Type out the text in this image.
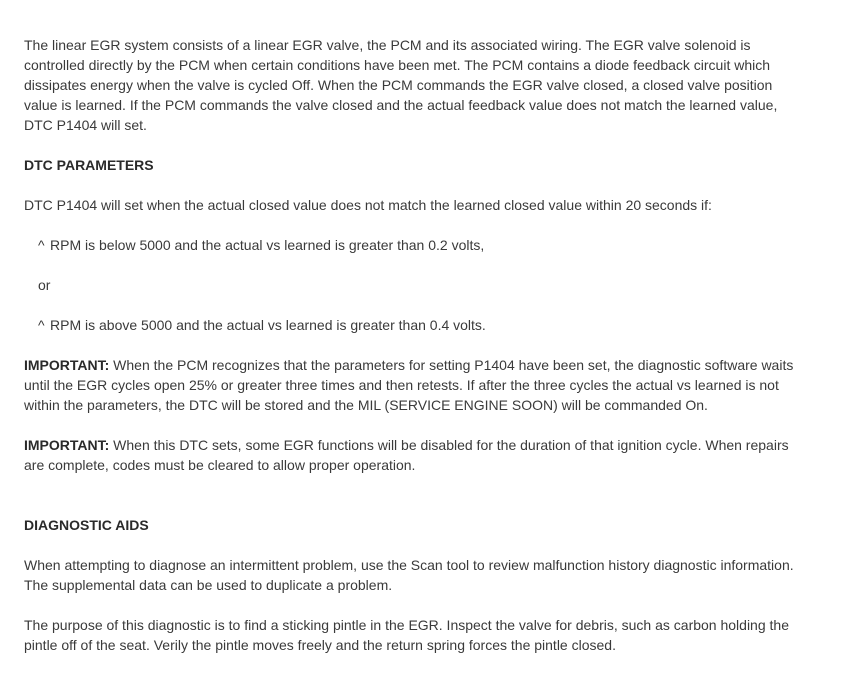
The linear EGR system consists of a linear EGR valve, the PCM and its associated wiring. The EGR valve solenoid is controlled directly by the PCM when certain conditions have been met. The PCM contains a diode feedback circuit which dissipates energy when the valve is cycled Off. When the PCM commands the EGR valve closed, a closed valve position value is learned. If the PCM commands the valve closed and the actual feedback value does not match the learned value, DTC P1404 will set.

DTC PARAMETERS

DTC P1404 will set when the actual closed value does not match the learned closed value within 20 seconds if:

^ RPM is below 5000 and the actual vs learned is greater than 0.2 volts,

or

^ RPM is above 5000 and the actual vs learned is greater than 0.4 volts.

IMPORTANT: When the PCM recognizes that the parameters for setting P1404 have been set, the diagnostic software waits until the EGR cycles open 25% or greater three times and then retests. If after the three cycles the actual vs learned is not within the parameters, the DTC will be stored and the MIL (SERVICE ENGINE SOON) will be commanded On.

IMPORTANT: When this DTC sets, some EGR functions will be disabled for the duration of that ignition cycle. When repairs are complete, codes must be cleared to allow proper operation.

DIAGNOSTIC AIDS

When attempting to diagnose an intermittent problem, use the Scan tool to review malfunction history diagnostic information. The supplemental data can be used to duplicate a problem.

The purpose of this diagnostic is to find a sticking pintle in the EGR. Inspect the valve for debris, such as carbon holding the pintle off of the seat. Verily the pintle moves freely and the return spring forces the pintle closed.
